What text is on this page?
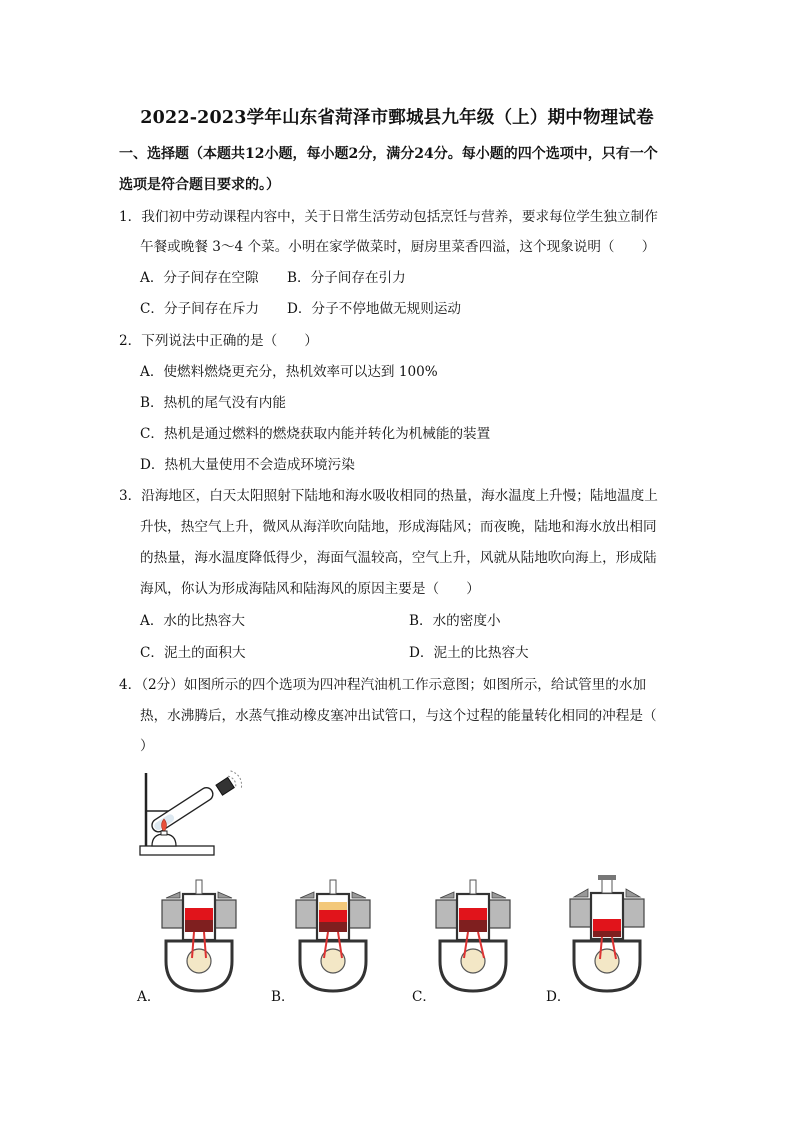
2022-2023学年山东省菏泽市鄄城县九年级（上）期中物理试卷
一、选择题（本题共12小题，每小题2分，满分24分。每小题的四个选项中，只有一个
选项是符合题目要求的。）
1．我们初中劳动课程内容中，关于日常生活劳动包括烹饪与营养，要求每位学生独立制作
午餐或晚餐 3～4 个菜。小明在家学做菜时，厨房里菜香四溢，这个现象说明（　　）
A．分子间存在空隙 B．分子间存在引力
C．分子间存在斥力 D．分子不停地做无规则运动
2．下列说法中正确的是（　　）
A．使燃料燃烧更充分，热机效率可以达到 100%
B．热机的尾气没有内能
C．热机是通过燃料的燃烧获取内能并转化为机械能的装置
D．热机大量使用不会造成环境污染
3．沿海地区，白天太阳照射下陆地和海水吸收相同的热量，海水温度上升慢；陆地温度上
升快，热空气上升，微风从海洋吹向陆地，形成海陆风；而夜晚，陆地和海水放出相同
的热量，海水温度降低得少，海面气温较高，空气上升，风就从陆地吹向海上，形成陆
海风，你认为形成海陆风和陆海风的原因主要是（　　）
A．水的比热容大	B．水的密度小
C．泥土的面积大	D．泥土的比热容大
4．（2分）如图所示的四个选项为四冲程汽油机工作示意图；如图所示，给试管里的水加
热，水沸腾后，水蒸气推动橡皮塞冲出试管口，与这个过程的能量转化相同的冲程是（
）
A．	B．	C．	D．
